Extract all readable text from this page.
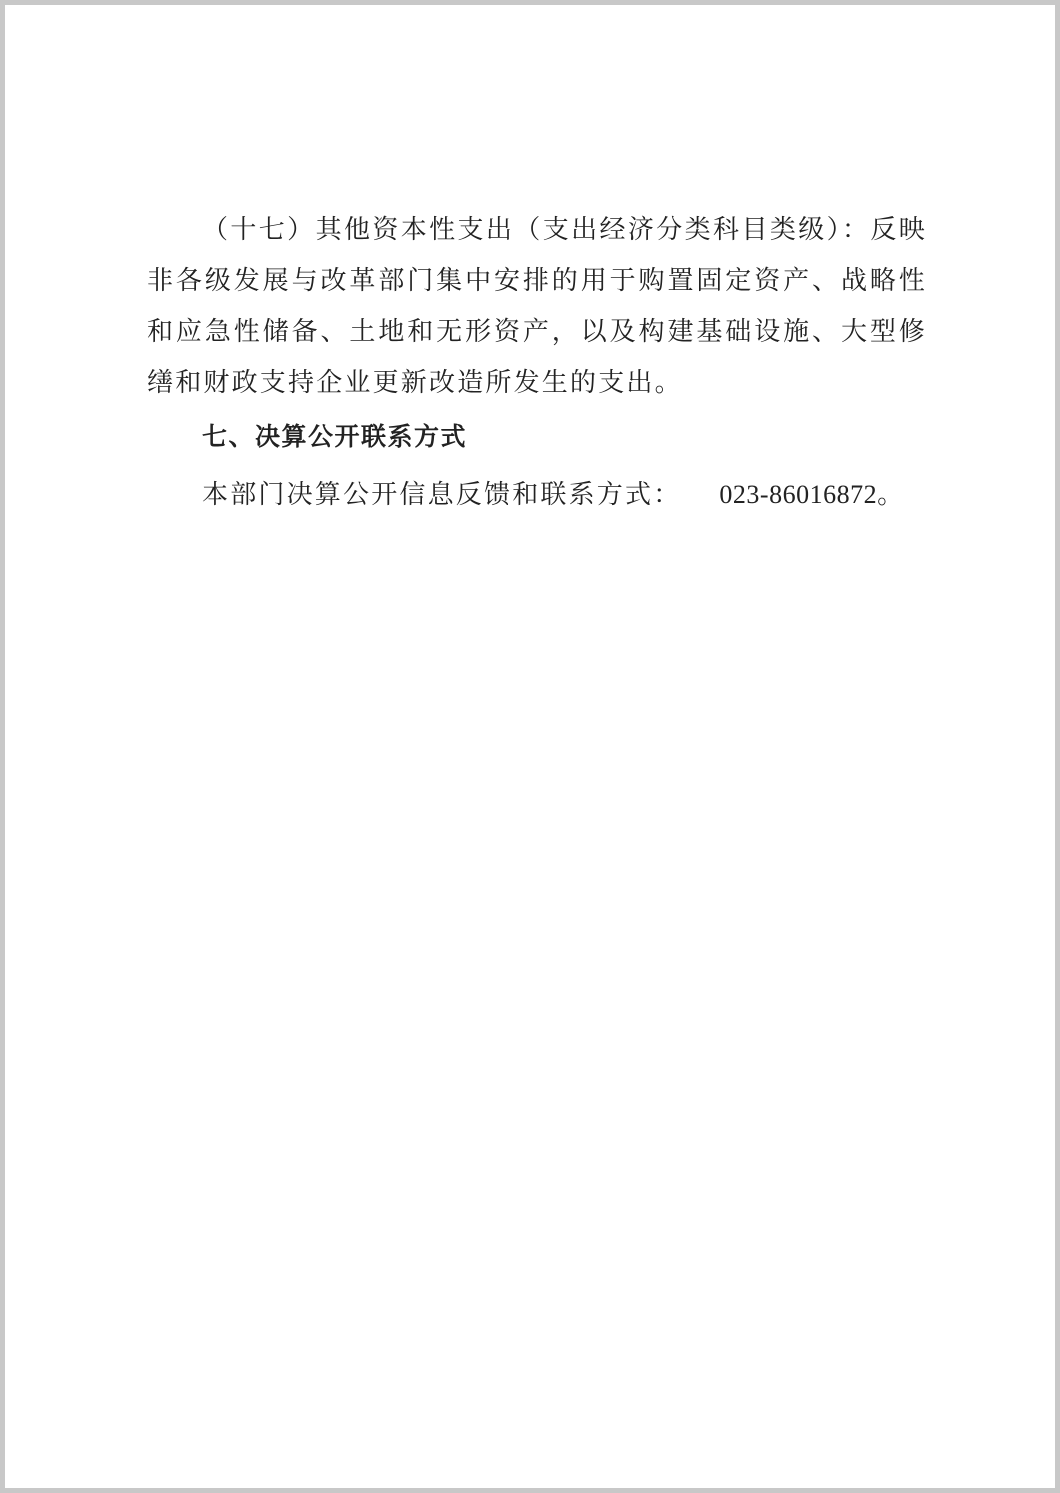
（十七）其他资本性支出（支出经济分类科目类级）：反映非各级发展与改革部门集中安排的用于购置固定资产、战略性和应急性储备、土地和无形资产，以及构建基础设施、大型修缮和财政支持企业更新改造所发生的支出。

七、决算公开联系方式

本部门决算公开信息反馈和联系方式： 023-86016872。
